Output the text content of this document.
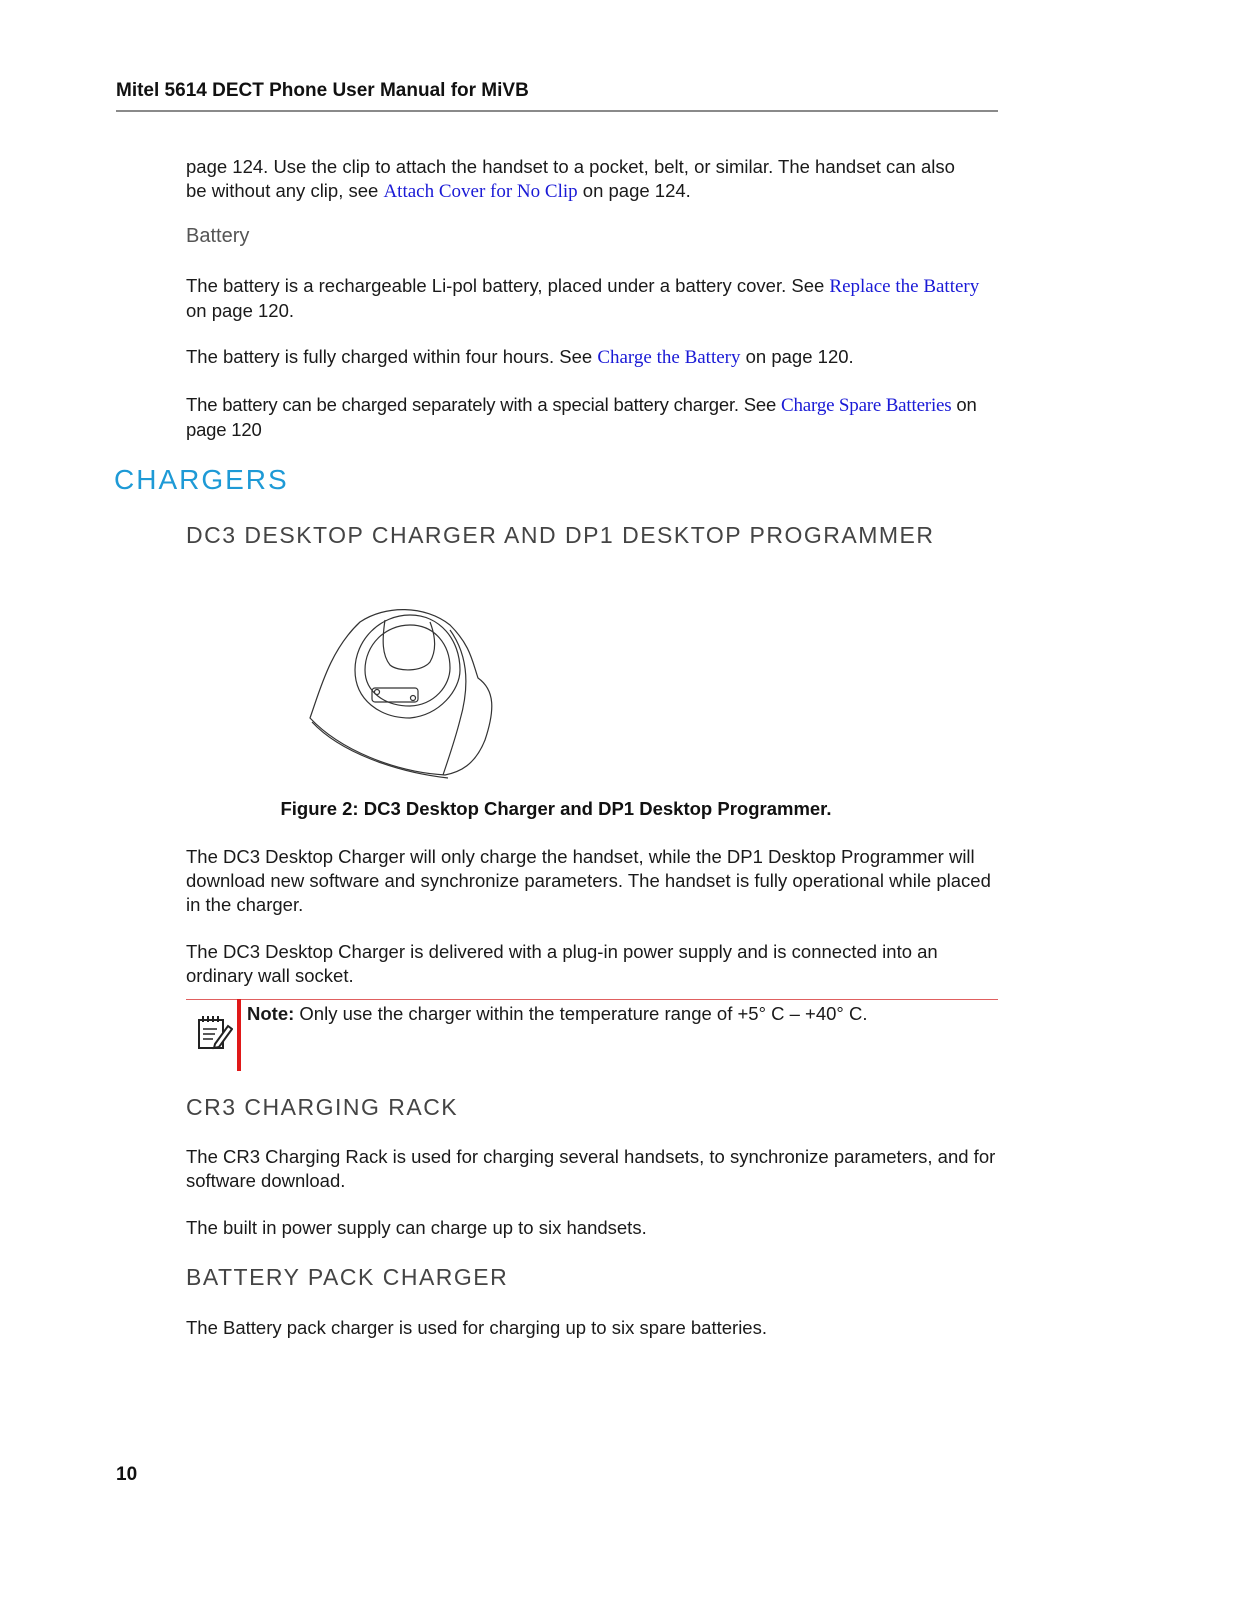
Mitel 5614 DECT Phone User Manual for MiVB
page 124. Use the clip to attach the handset to a pocket, belt, or similar. The handset can also
be without any clip, see Attach Cover for No Clip on page 124.
Battery
The battery is a rechargeable Li-pol battery, placed under a battery cover. See Replace the Battery on page 120.
The battery is fully charged within four hours. See Charge the Battery on page 120.
The battery can be charged separately with a special battery charger. See Charge Spare Batteries on page 120
CHARGERS
DC3 DESKTOP CHARGER AND DP1 DESKTOP PROGRAMMER
Figure 2: DC3 Desktop Charger and DP1 Desktop Programmer.
The DC3 Desktop Charger will only charge the handset, while the DP1 Desktop Programmer will download new software and synchronize parameters. The handset is fully operational while placed in the charger.
The DC3 Desktop Charger is delivered with a plug-in power supply and is connected into an ordinary wall socket.
Note: Only use the charger within the temperature range of +5° C – +40° C.
CR3 CHARGING RACK
The CR3 Charging Rack is used for charging several handsets, to synchronize parameters, and for software download.
The built in power supply can charge up to six handsets.
BATTERY PACK CHARGER
The Battery pack charger is used for charging up to six spare batteries.
10
